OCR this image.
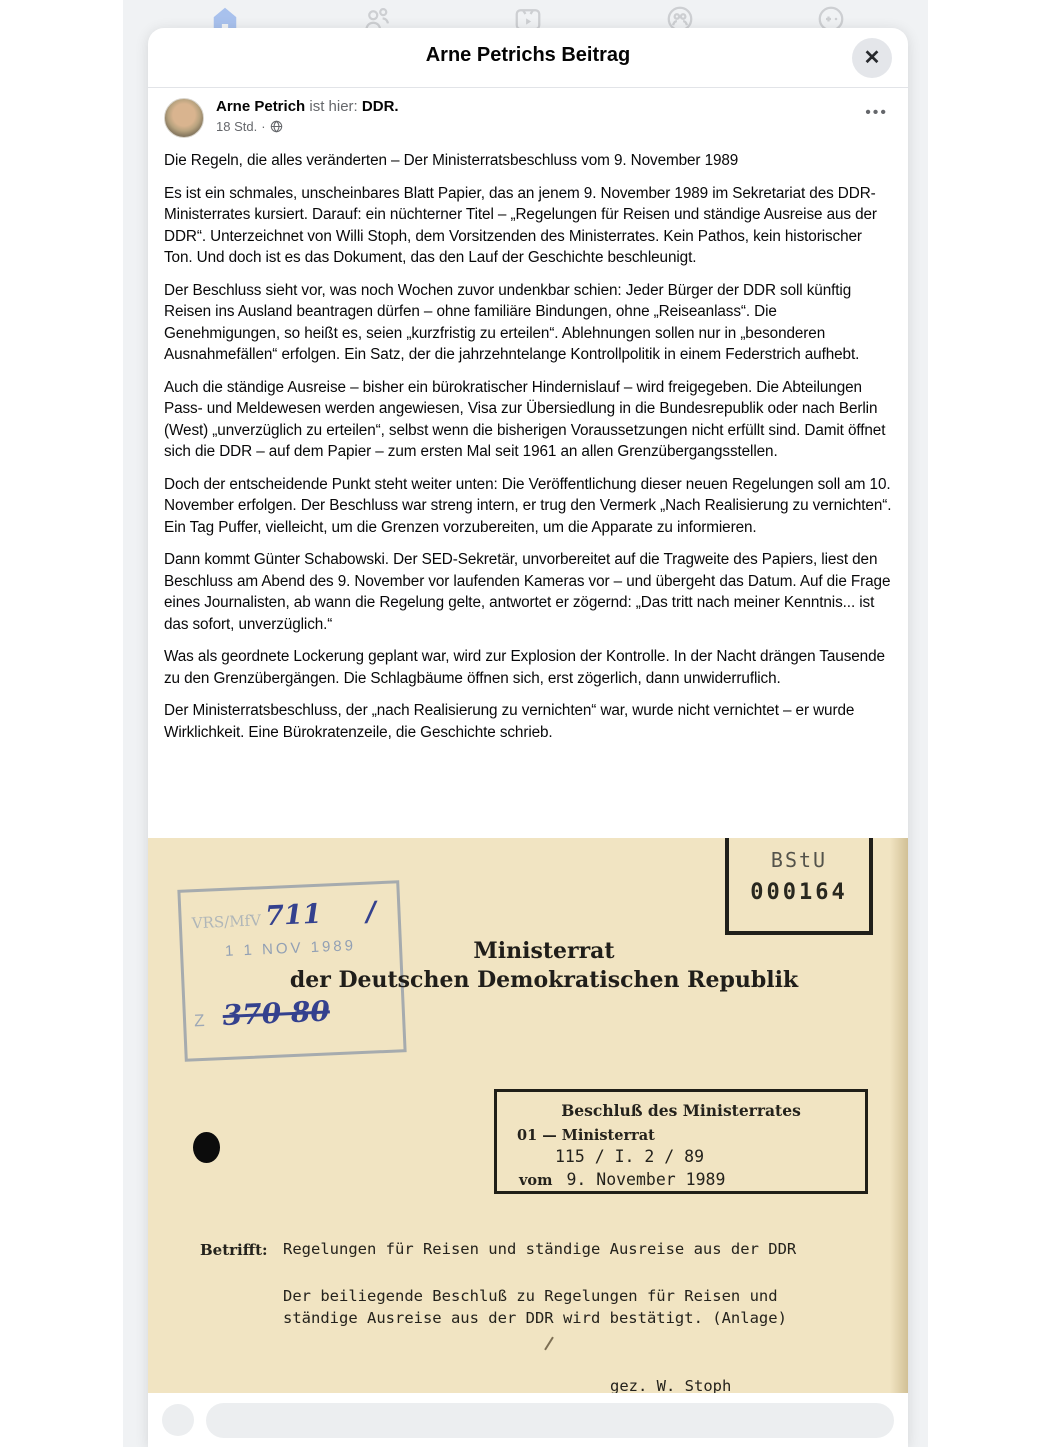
Arne Petrichs Beitrag	✕
Arne Petrich ist hier: DDR.
18 Std. ·
•••

Die Regeln, die alles veränderten – Der Ministerratsbeschluss vom 9. November 1989

Es ist ein schmales, unscheinbares Blatt Papier, das an jenem 9. November 1989 im Sekretariat des DDR-Ministerrates kursiert. Darauf: ein nüchterner Titel – „Regelungen für Reisen und ständige Ausreise aus der DDR“. Unterzeichnet von Willi Stoph, dem Vorsitzenden des Ministerrates. Kein Pathos, kein historischer Ton. Und doch ist es das Dokument, das den Lauf der Geschichte beschleunigt.

Der Beschluss sieht vor, was noch Wochen zuvor undenkbar schien: Jeder Bürger der DDR soll künftig Reisen ins Ausland beantragen dürfen – ohne familiäre Bindungen, ohne „Reiseanlass“. Die Genehmigungen, so heißt es, seien „kurzfristig zu erteilen“. Ablehnungen sollen nur in „besonderen Ausnahmefällen“ erfolgen. Ein Satz, der die jahrzehntelange Kontrollpolitik in einem Federstrich aufhebt.

Auch die ständige Ausreise – bisher ein bürokratischer Hindernislauf – wird freigegeben. Die Abteilungen Pass- und Meldewesen werden angewiesen, Visa zur Übersiedlung in die Bundesrepublik oder nach Berlin (West) „unverzüglich zu erteilen“, selbst wenn die bisherigen Voraussetzungen nicht erfüllt sind. Damit öffnet sich die DDR – auf dem Papier – zum ersten Mal seit 1961 an allen Grenzübergangsstellen.

Doch der entscheidende Punkt steht weiter unten: Die Veröffentlichung dieser neuen Regelungen soll am 10. November erfolgen. Der Beschluss war streng intern, er trug den Vermerk „Nach Realisierung zu vernichten“. Ein Tag Puffer, vielleicht, um die Grenzen vorzubereiten, um die Apparate zu informieren.

Dann kommt Günter Schabowski. Der SED-Sekretär, unvorbereitet auf die Tragweite des Papiers, liest den Beschluss am Abend des 9. November vor laufenden Kameras vor – und übergeht das Datum. Auf die Frage eines Journalisten, ab wann die Regelung gelte, antwortet er zögernd: „Das tritt nach meiner Kenntnis... ist das sofort, unverzüglich.“

Was als geordnete Lockerung geplant war, wird zur Explosion der Kontrolle. In der Nacht drängen Tausende zu den Grenzübergängen. Die Schlagbäume öffnen sich, erst zögerlich, dann unwiderruflich.

Der Ministerratsbeschluss, der „nach Realisierung zu vernichten“ war, wurde nicht vernichtet – er wurde Wirklichkeit. Eine Bürokratenzeile, die Geschichte schrieb.

BStU
000164
VRS/MfV 711 /
1 1 NOV 1989
Z 370 80
Ministerrat
der Deutschen Demokratischen Republik
Beschluß des Ministerrates
01 — Ministerrat
115 / I. 2 / 89
vom 9. November 1989
Betrifft: Regelungen für Reisen und ständige Ausreise aus der DDR
Der beiliegende Beschluß zu Regelungen für Reisen und
ständige Ausreise aus der DDR wird bestätigt. (Anlage)
gez. W. Stoph
